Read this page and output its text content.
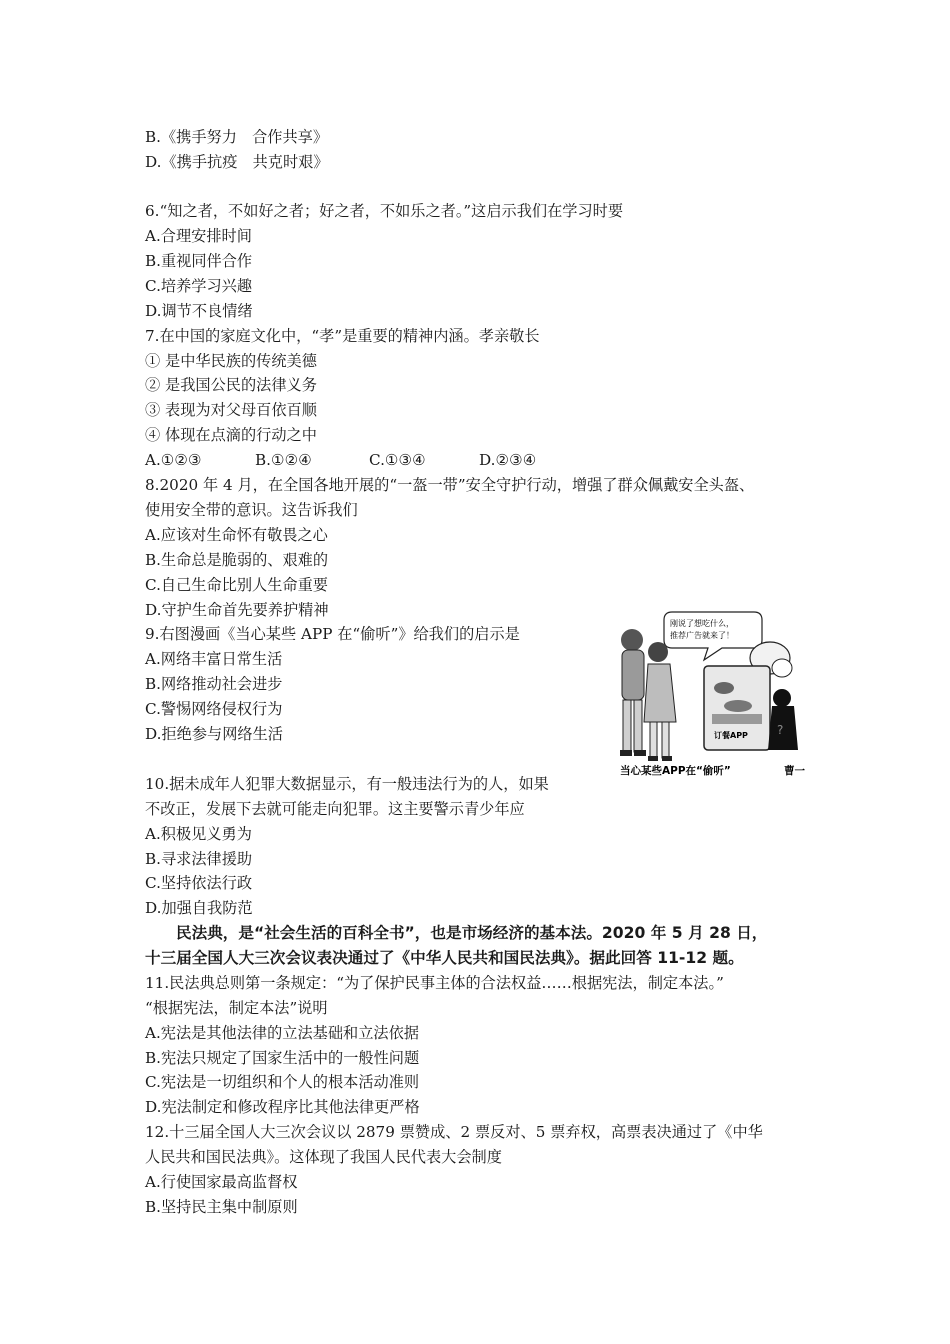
B.《携手努力　合作共享》
D.《携手抗疫　共克时艰》
6.“知之者，不如好之者；好之者，不如乐之者。”这启示我们在学习时要
A.合理安排时间
B.重视同伴合作
C.培养学习兴趣
D.调节不良情绪
7.在中国的家庭文化中，“孝”是重要的精神内涵。孝亲敬长
① 是中华民族的传统美德
② 是我国公民的法律义务
③ 表现为对父母百依百顺
④ 体现在点滴的行动之中
A.①②③	B.①②④	C.①③④	D.②③④
8.2020 年 4 月，在全国各地开展的“一盔一带”安全守护行动，增强了群众佩戴安全头盔、
使用安全带的意识。这告诉我们
A.应该对生命怀有敬畏之心
B.生命总是脆弱的、艰难的
C.自己生命比别人生命重要
D.守护生命首先要养护精神
9.右图漫画《当心某些 APP 在“偷听”》给我们的启示是
A.网络丰富日常生活
B.网络推动社会进步
C.警惕网络侵权行为
D.拒绝参与网络生活
刚说了想吃什么， 推荐广告就来了！
订餐APP ?
当心某些APP在“偷听”	曹一
10.据未成年人犯罪大数据显示，有一般违法行为的人，如果
不改正，发展下去就可能走向犯罪。这主要警示青少年应
A.积极见义勇为
B.寻求法律援助
C.坚持依法行政
D.加强自我防范
民法典，是“社会生活的百科全书”，也是市场经济的基本法。2020 年 5 月 28 日，
十三届全国人大三次会议表决通过了《中华人民共和国民法典》。据此回答 11-12 题。
11.民法典总则第一条规定：“为了保护民事主体的合法权益……根据宪法，制定本法。”
“根据宪法，制定本法”说明
A.宪法是其他法律的立法基础和立法依据
B.宪法只规定了国家生活中的一般性问题
C.宪法是一切组织和个人的根本活动准则
D.宪法制定和修改程序比其他法律更严格
12.十三届全国人大三次会议以 2879 票赞成、2 票反对、5 票弃权，高票表决通过了《中华
人民共和国民法典》。这体现了我国人民代表大会制度
A.行使国家最高监督权
B.坚持民主集中制原则
